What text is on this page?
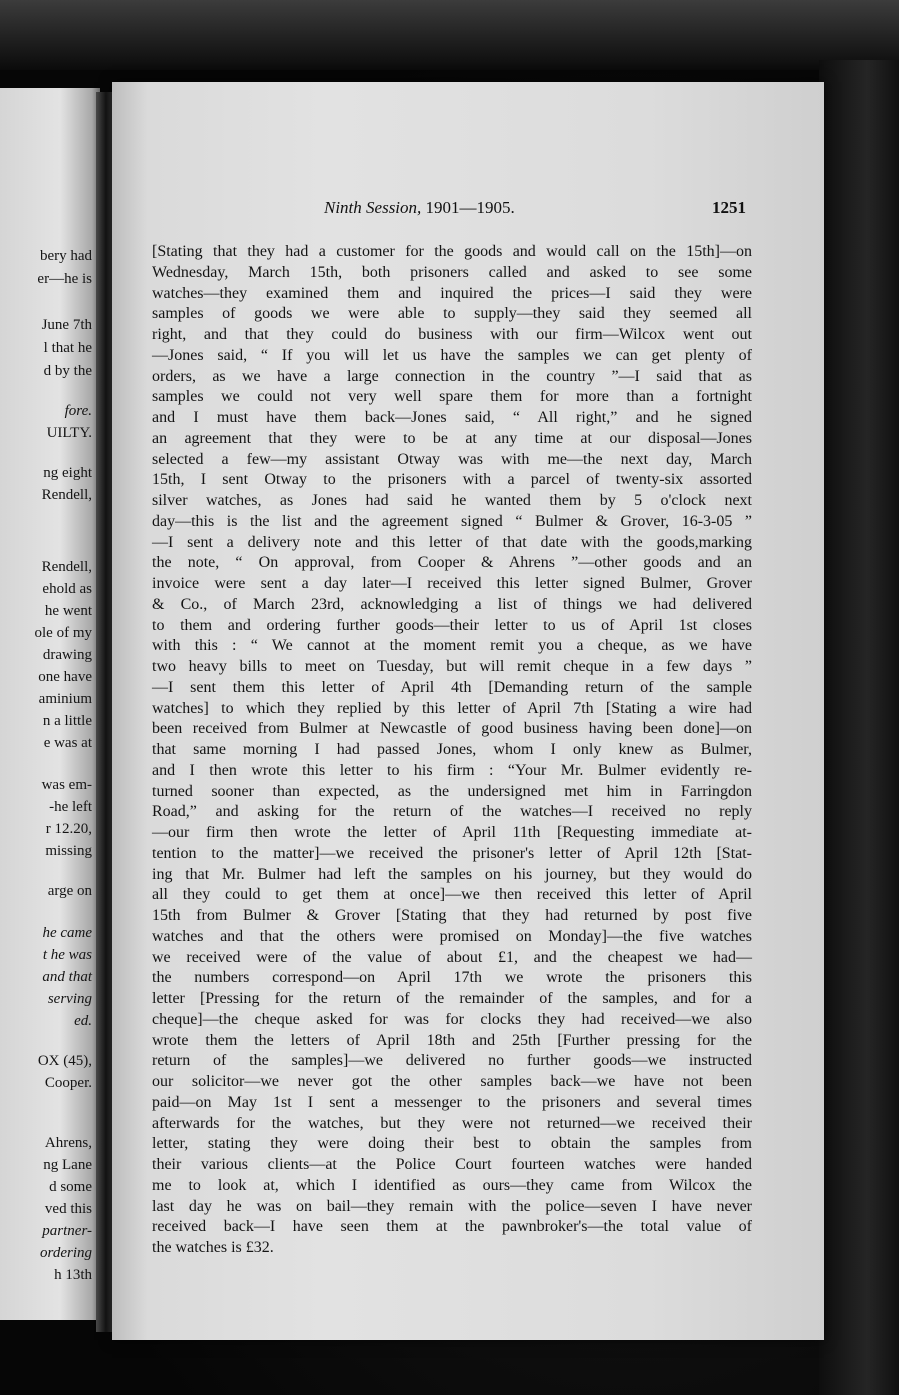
bery had

er—he is

June 7th

l that he

d by the

fore.

UILTY.

ng eight

Rendell,

Rendell,

ehold as

he went

ole of my

drawing

one have

aminium

n a little

e was at

was em-

-he left

r 12.20,

missing

arge on

he came

t he was

and that

serving

ed.

OX (45),

Cooper.

Ahrens,

ng Lane

d some

ved this

partner-

ordering

h 13th

Ninth Session, 1901—1905.	1251
[Stating that they had a customer for the goods and would call on the 15th]—on
Wednesday, March 15th, both prisoners called and asked to see some
watches—they examined them and inquired the prices—I said they were
samples of goods we were able to supply—they said they seemed all
right, and that they could do business with our firm—Wilcox went out
—Jones said, “ If you will let us have the samples we can get plenty of
orders, as we have a large connection in the country ”—I said that as
samples we could not very well spare them for more than a fortnight
and I must have them back—Jones said, “ All right,” and he signed
an agreement that they were to be at any time at our disposal—Jones
selected a few—my assistant Otway was with me—the next day, March
15th, I sent Otway to the prisoners with a parcel of twenty-six assorted
silver watches, as Jones had said he wanted them by 5 o'clock next
day—this is the list and the agreement signed “ Bulmer & Grover, 16-3-05 ”
—I sent a delivery note and this letter of that date with the goods,marking
the note, “ On approval, from Cooper & Ahrens ”—other goods and an
invoice were sent a day later—I received this letter signed Bulmer, Grover
& Co., of March 23rd, acknowledging a list of things we had delivered
to them and ordering further goods—their letter to us of April 1st closes
with this : “ We cannot at the moment remit you a cheque, as we have
two heavy bills to meet on Tuesday, but will remit cheque in a few days ”
—I sent them this letter of April 4th [Demanding return of the sample
watches] to which they replied by this letter of April 7th [Stating a wire had
been received from Bulmer at Newcastle of good business having been done]—on
that same morning I had passed Jones, whom I only knew as Bulmer,
and I then wrote this letter to his firm : “Your Mr. Bulmer evidently re-
turned sooner than expected, as the undersigned met him in Farringdon
Road,” and asking for the return of the watches—I received no reply
—our firm then wrote the letter of April 11th [Requesting immediate at-
tention to the matter]—we received the prisoner's letter of April 12th [Stat-
ing that Mr. Bulmer had left the samples on his journey, but they would do
all they could to get them at once]—we then received this letter of April
15th from Bulmer & Grover [Stating that they had returned by post five
watches and that the others were promised on Monday]—the five watches
we received were of the value of about £1, and the cheapest we had—
the numbers correspond—on April 17th we wrote the prisoners this
letter [Pressing for the return of the remainder of the samples, and for a
cheque]—the cheque asked for was for clocks they had received—we also
wrote them the letters of April 18th and 25th [Further pressing for the
return of the samples]—we delivered no further goods—we instructed
our solicitor—we never got the other samples back—we have not been
paid—on May 1st I sent a messenger to the prisoners and several times
afterwards for the watches, but they were not returned—we received their
letter, stating they were doing their best to obtain the samples from
their various clients—at the Police Court fourteen watches were handed
me to look at, which I identified as ours—they came from Wilcox the
last day he was on bail—they remain with the police—seven I have never
received back—I have seen them at the pawnbroker's—the total value of
the watches is £32.
